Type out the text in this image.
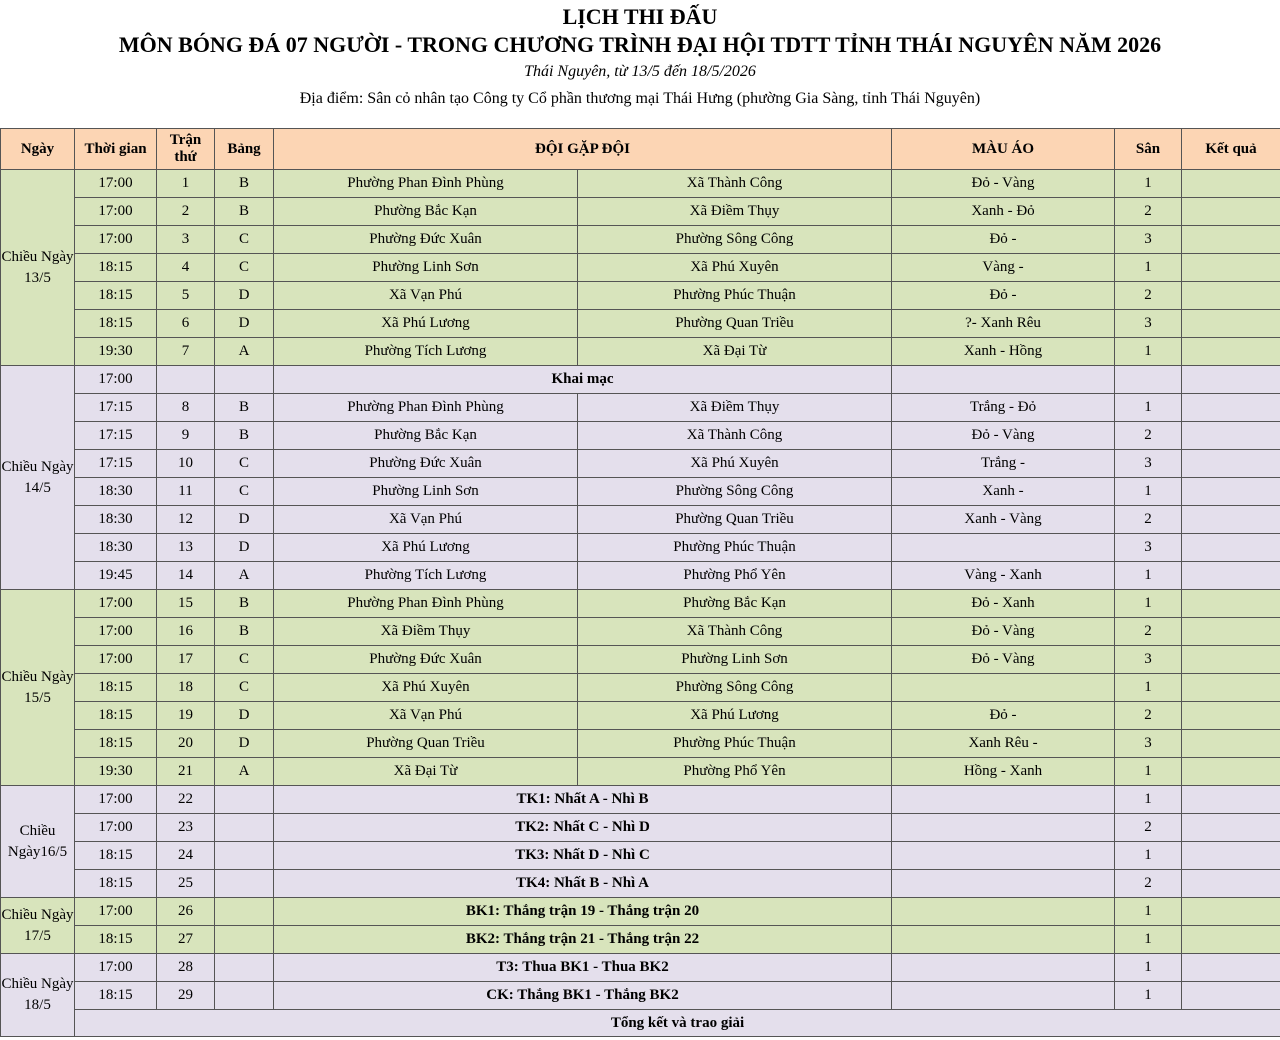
LỊCH THI ĐẤU
MÔN BÓNG ĐÁ 07 NGƯỜI - TRONG CHƯƠNG TRÌNH ĐẠI HỘI TDTT TỈNH THÁI NGUYÊN NĂM 2026
Thái Nguyên, từ 13/5 đến 18/5/2026
Địa điểm: Sân cỏ nhân tạo Công ty Cổ phần thương mại Thái Hưng (phường Gia Sàng, tỉnh Thái Nguyên)
Ngày	Thời gian	Trận thứ	Bảng	ĐỘI GẶP ĐỘI		MÀU ÁO	Sân	Kết quả
Chiều Ngày 13/5	17:00	1	B	Phường Phan Đình Phùng	Xã Thành Công	Đỏ - Vàng	1	
	17:00	2	B	Phường Bắc Kạn	Xã Điềm Thụy	Xanh - Đỏ	2	
	17:00	3	C	Phường Đức Xuân	Phường Sông Công	Đỏ -	3	
	18:15	4	C	Phường Linh Sơn	Xã Phú Xuyên	Vàng -	1	
	18:15	5	D	Xã Vạn Phú	Phường Phúc Thuận	Đỏ -	2	
	18:15	6	D	Xã Phú Lương	Phường Quan Triều	?- Xanh Rêu	3	
	19:30	7	A	Phường Tích Lương	Xã Đại Từ	Xanh - Hồng	1	
Chiều Ngày 14/5	17:00			Khai mạc				
	17:15	8	B	Phường Phan Đình Phùng	Xã Điềm Thụy	Trắng - Đỏ	1	
	17:15	9	B	Phường Bắc Kạn	Xã Thành Công	Đỏ - Vàng	2	
	17:15	10	C	Phường Đức Xuân	Xã Phú Xuyên	Trắng -	3	
	18:30	11	C	Phường Linh Sơn	Phường Sông Công	Xanh -	1	
	18:30	12	D	Xã Vạn Phú	Phường Quan Triều	Xanh - Vàng	2	
	18:30	13	D	Xã Phú Lương	Phường Phúc Thuận		3	
	19:45	14	A	Phường Tích Lương	Phường Phổ Yên	Vàng - Xanh	1	
Chiều Ngày 15/5	17:00	15	B	Phường Phan Đình Phùng	Phường Bắc Kạn	Đỏ - Xanh	1	
	17:00	16	B	Xã Điềm Thụy	Xã Thành Công	Đỏ - Vàng	2	
	17:00	17	C	Phường Đức Xuân	Phường Linh Sơn	Đỏ - Vàng	3	
	18:15	18	C	Xã Phú Xuyên	Phường Sông Công		1	
	18:15	19	D	Xã Vạn Phú	Xã Phú Lương	Đỏ -	2	
	18:15	20	D	Phường Quan Triều	Phường Phúc Thuận	Xanh Rêu -	3	
	19:30	21	A	Xã Đại Từ	Phường Phổ Yên	Hồng - Xanh	1	
Chiều Ngày16/5	17:00	22		TK1: Nhất A - Nhì B			1	
	17:00	23		TK2: Nhất C - Nhì D			2	
	18:15	24		TK3: Nhất D - Nhì C			1	
	18:15	25		TK4: Nhất B - Nhì A			2	
Chiều Ngày 17/5	17:00	26		BK1: Thắng trận 19 - Thắng trận 20			1	
	18:15	27		BK2: Thắng trận 21 - Thắng trận 22			1	
Chiều Ngày 18/5	17:00	28		T3: Thua BK1 - Thua BK2			1	
	18:15	29		CK: Thắng BK1 - Thắng BK2			1	
	Tổng kết và trao giải							
